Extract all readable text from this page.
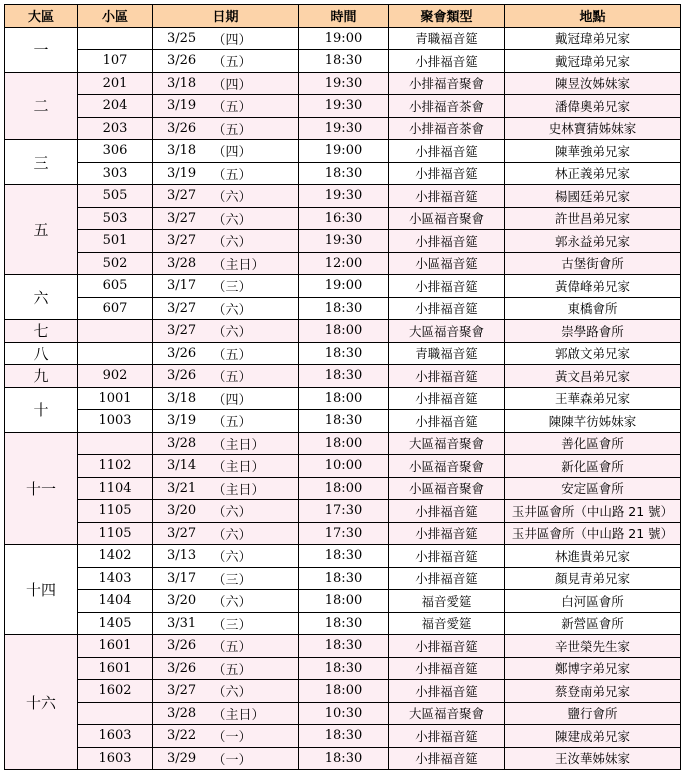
大區	小區	日期		時間	聚會類型	地點
一		3/25	（四）	19:00	青職福音筵	戴冠瑋弟兄家
	107	3/26	（五）	18:30	小排福音筵	戴冠瑋弟兄家
二	201	3/18	（四）	19:30	小排福音聚會	陳昱汝姊妹家
	204	3/19	（五）	19:30	小排福音茶會	潘偉奧弟兄家
	203	3/26	（五）	19:30	小排福音茶會	史林寶猜姊妹家
三	306	3/18	（四）	19:00	小排福音筵	陳華強弟兄家
	303	3/19	（五）	18:30	小排福音筵	林正義弟兄家
五	505	3/27	（六）	19:30	小排福音筵	楊國廷弟兄家
	503	3/27	（六）	16:30	小區福音聚會	許世昌弟兄家
	501	3/27	（六）	19:30	小排福音筵	郭永益弟兄家
	502	3/28	（主日）	12:00	小區福音筵	古堡街會所
六	605	3/17	（三）	19:00	小排福音筵	黃偉峰弟兄家
	607	3/27	（六）	18:30	小排福音筵	東橋會所
七		3/27	（六）	18:00	大區福音聚會	崇學路會所
八		3/26	（五）	18:30	青職福音筵	郭啟文弟兄家
九	902	3/26	（五）	18:30	小排福音筵	黃文昌弟兄家
十	1001	3/18	（四）	18:00	小排福音筵	王華森弟兄家
	1003	3/19	（五）	18:30	小排福音筵	陳陳芊彷姊妹家
十一		3/28	（主日）	18:00	大區福音聚會	善化區會所
	1102	3/14	（主日）	10:00	小區福音聚會	新化區會所
	1104	3/21	（主日）	18:00	小區福音聚會	安定區會所
	1105	3/20	（六）	17:30	小排福音筵	玉井區會所（中山路 21 號）
	1105	3/27	（六）	17:30	小排福音筵	玉井區會所（中山路 21 號）
十四	1402	3/13	（六）	18:30	小排福音筵	林進貴弟兄家
	1403	3/17	（三）	18:30	小排福音筵	顏見青弟兄家
	1404	3/20	（六）	18:00	福音愛筵	白河區會所
	1405	3/31	（三）	18:30	福音愛筵	新營區會所
十六	1601	3/26	（五）	18:30	小排福音筵	辛世榮先生家
	1601	3/26	（五）	18:30	小排福音筵	鄭博字弟兄家
	1602	3/27	（六）	18:00	小排福音筵	蔡登南弟兄家
		3/28	（主日）	10:30	大區福音聚會	鹽行會所
	1603	3/22	（一）	18:30	小排福音筵	陳建成弟兄家
	1603	3/29	（一）	18:30	小排福音筵	王汝華姊妹家
